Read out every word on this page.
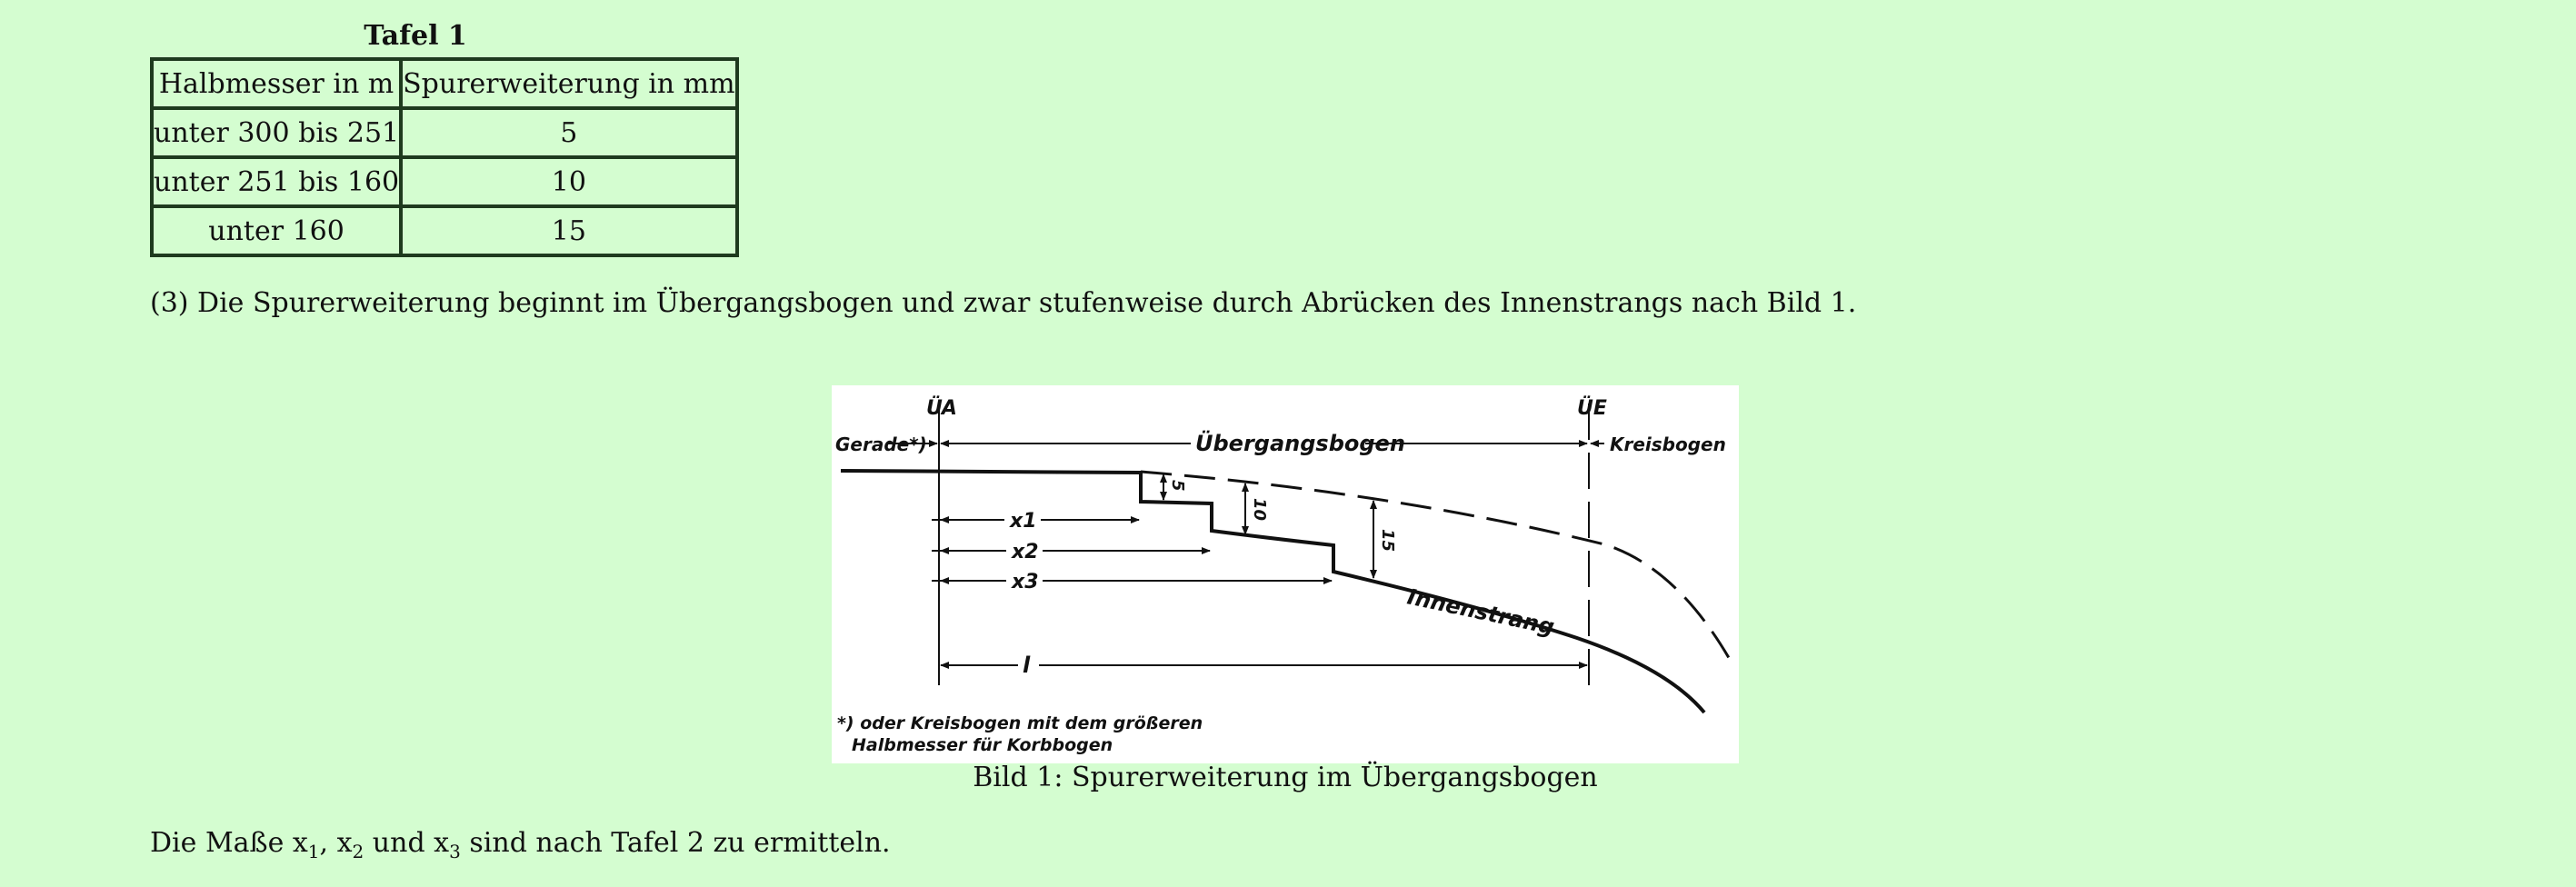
Tafel 1
Halbmesser in m	Spurerweiterung in mm
unter 300 bis 251	5
unter 251 bis 160	10
unter 160	15
(3) Die Spurerweiterung beginnt im Übergangsbogen und zwar stufenweise durch Abrücken des Innenstrangs nach Bild 1.
ÜA	ÜE
Gerade*)	Übergangsbogen	Kreisbogen
x1
x2
x3
l
5
10
15
Innenstrang
*) oder Kreisbogen mit dem größeren
Halbmesser für Korbbogen
Bild 1: Spurerweiterung im Übergangsbogen
Die Maße $x_1$, $x_2$ und $x_3$ sind nach Tafel 2 zu ermitteln.
